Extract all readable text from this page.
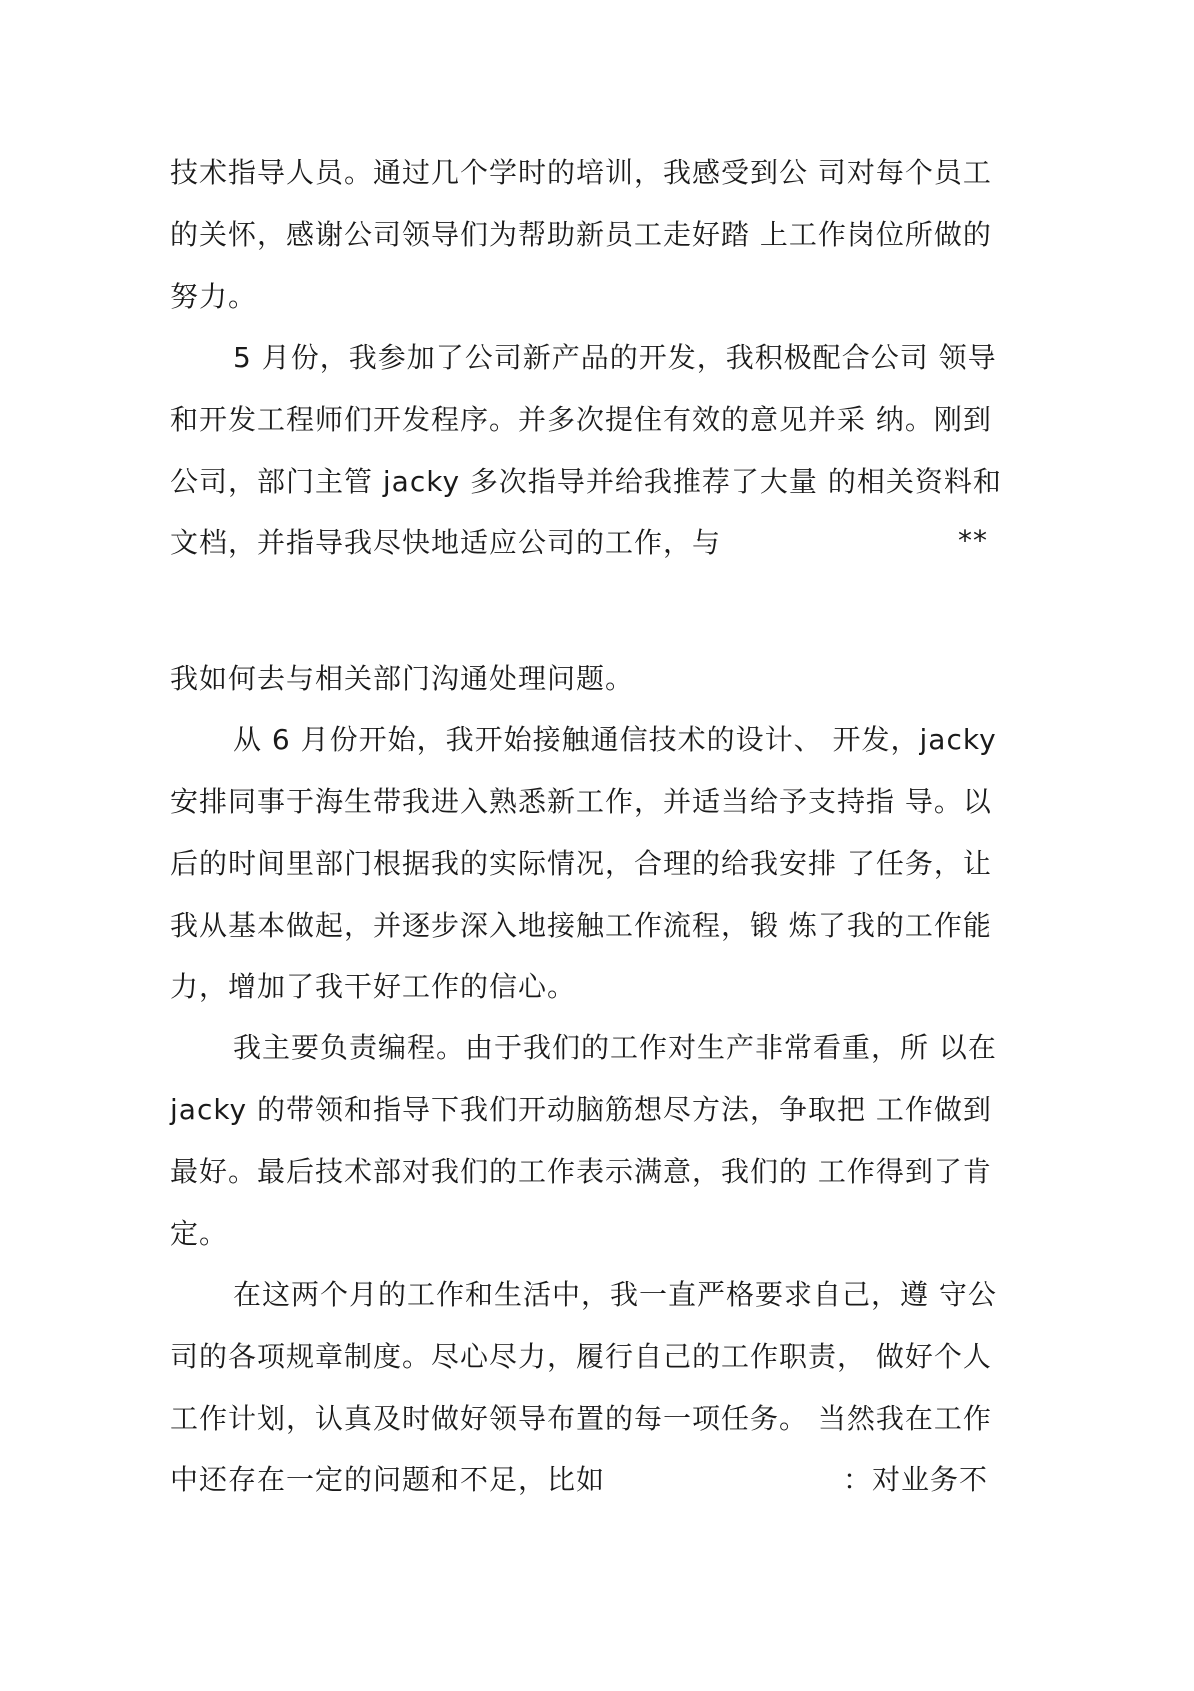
技术指导人员。通过几个学时的培训，我感受到公 司对每个员工
的关怀，感谢公司领导们为帮助新员工走好踏 上工作岗位所做的
努力。
5 月份，我参加了公司新产品的开发，我积极配合公司 领导
和开发工程师们开发程序。并多次提住有效的意见并采 纳。刚到
公司，部门主管 jacky 多次指导并给我推荐了大量 的相关资料和
文档，并指导我尽快地适应公司的工作，与	**
我如何去与相关部门沟通处理问题。
从 6 月份开始，我开始接触通信技术的设计、 开发，jacky
安排同事于海生带我进入熟悉新工作，并适当给予支持指 导。以
后的时间里部门根据我的实际情况，合理的给我安排 了任务，让
我从基本做起，并逐步深入地接触工作流程，锻 炼了我的工作能
力，增加了我干好工作的信心。
我主要负责编程。由于我们的工作对生产非常看重，所 以在
jacky 的带领和指导下我们开动脑筋想尽方法，争取把 工作做到
最好。最后技术部对我们的工作表示满意，我们的 工作得到了肯
定。
在这两个月的工作和生活中，我一直严格要求自己，遵 守公
司的各项规章制度。尽心尽力，履行自己的工作职责， 做好个人
工作计划，认真及时做好领导布置的每一项任务。 当然我在工作
中还存在一定的问题和不足，比如	：对业务不
